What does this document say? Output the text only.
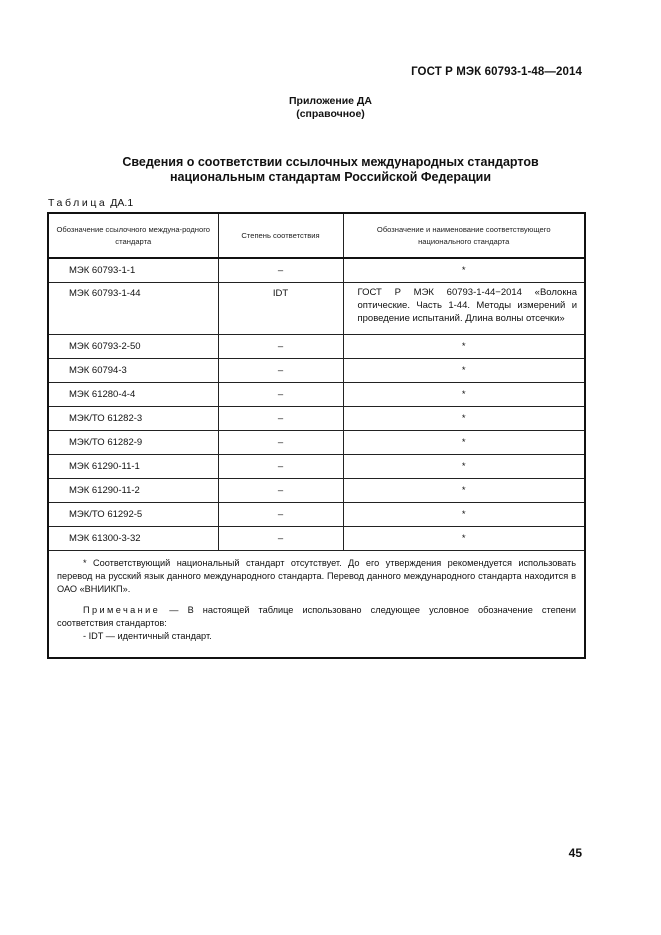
ГОСТ Р МЭК 60793-1-48—2014
Приложение ДА
(справочное)
Сведения о соответствии ссылочных международных стандартов
национальным стандартам Российской Федерации
Таблица ДА.1
Обозначение ссылочного междуна-родного стандарта	Степень соответствия	Обозначение и наименование соответствующего национального стандарта
МЭК 60793-1-1	–	*
МЭК 60793-1-44	IDT	ГОСТ Р МЭК 60793-1-44−2014 «Волокна оптические. Часть 1-44. Методы измерений и проведение испытаний. Длина волны отсечки»
МЭК 60793-2-50	–	*
МЭК 60794-3	–	*
МЭК 61280-4-4	–	*
МЭК/ТО 61282-3	–	*
МЭК/ТО 61282-9	–	*
МЭК 61290-11-1	–	*
МЭК 61290-11-2	–	*
МЭК/ТО 61292-5	–	*
МЭК 61300-3-32	–	*

* Соответствующий национальный стандарт отсутствует. До его утверждения рекомендуется использовать перевод на русский язык данного международного стандарта. Перевод данного международного стандарта находится в ОАО «ВНИИКП».

Примечание — В настоящей таблице использовано следующее условное обозначение степени соответствия стандартов:

- IDT — идентичный стандарт.		

45
